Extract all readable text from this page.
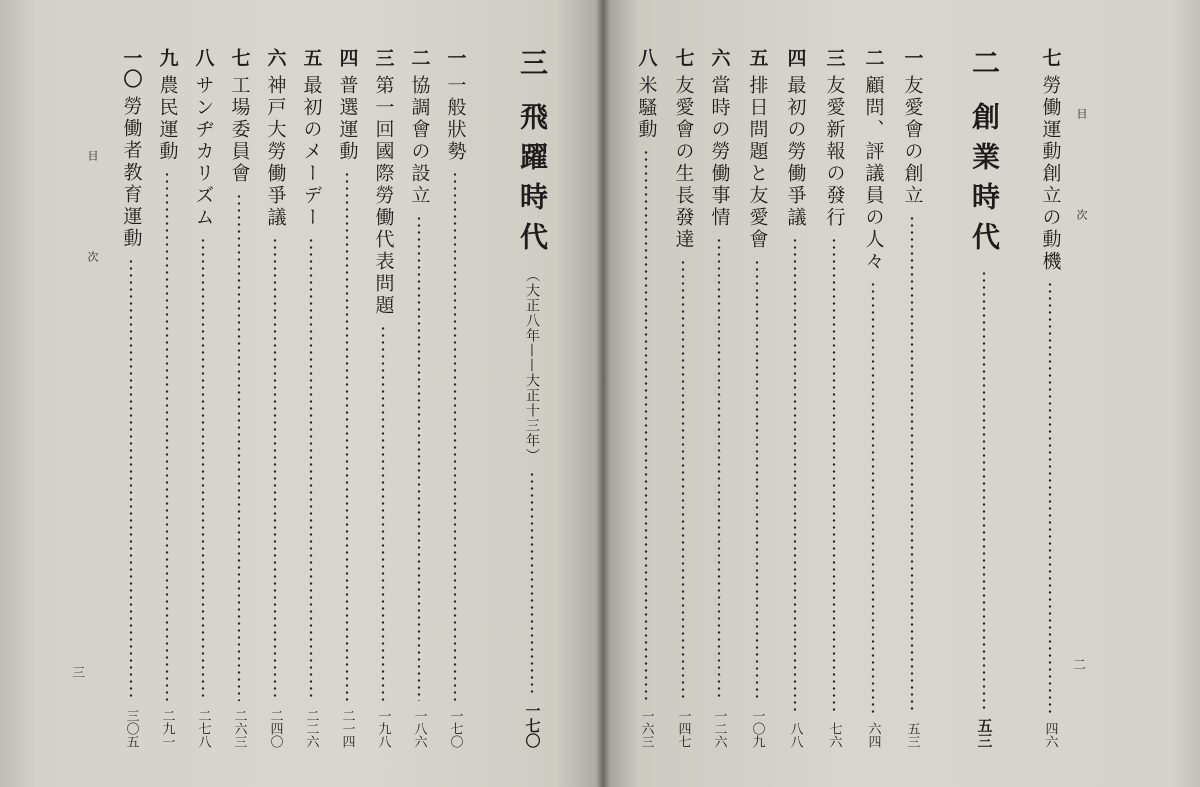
目次
三
三
飛躍時代
（大正八年——大正十三年）
一七〇
一
一般狀勢
一七〇
二
協調會の設立
一八六
三
第一回國際勞働代表問題
一九八
四
普選運動
二一四
五
最初のメーデー
二二六
六
神戸大勞働爭議
二四〇
七
工場委員會
二六三
八
サンヂカリズム
二七八
九
農民運動
二九一
一〇
勞働者教育運動
三〇五
目次
二
七
勞働運動創立の動機
四六
二
創業時代
五三
一
友愛會の創立
五三
二
顧問、評議員の人々
六四
三
友愛新報の發行
七六
四
最初の勞働爭議
八八
五
排日問題と友愛會
一〇九
六
當時の勞働事情
一二六
七
友愛會の生長發達
一四七
八
米騷動
一六三
